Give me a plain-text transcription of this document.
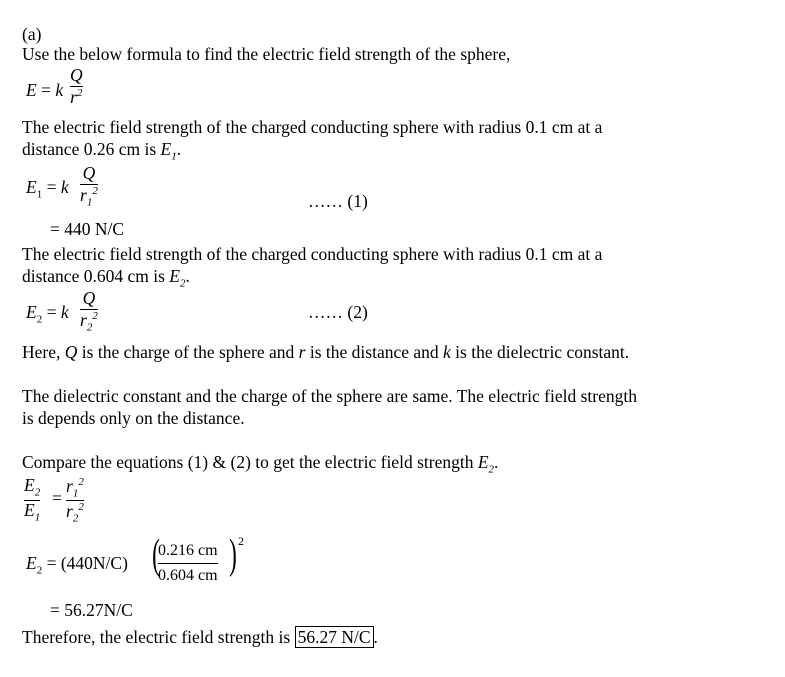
(a)
Use the below formula to find the electric field strength of the sphere,
E = k
Q
$r^2$
The electric field strength of the charged conducting sphere with radius 0.1 cm at a
distance 0.26 cm is $E_1$.
$E_1 = k$
Q
$r_1^2$
…… (1)
= 440 N/C
The electric field strength of the charged conducting sphere with radius 0.1 cm at a
distance 0.604 cm is $E_2$.
$E_2 = k$
Q
$r_2^2$	…… (2)
Here, Q is the charge of the sphere and r is the distance and k is the dielectric constant.
The dielectric constant and the charge of the sphere are same. The electric field strength
is depends only on the distance.
Compare the equations (1) & (2) to get the electric field strength $E_2$.
$E_2$
$E_1$
=
$r_1^2$
$r_2^2$
$E_2 = (440N/C)$ (
0.216 cm
0.604 cm ) 2
= 56.27N/C
Therefore, the electric field strength is 56.27 N/C .
